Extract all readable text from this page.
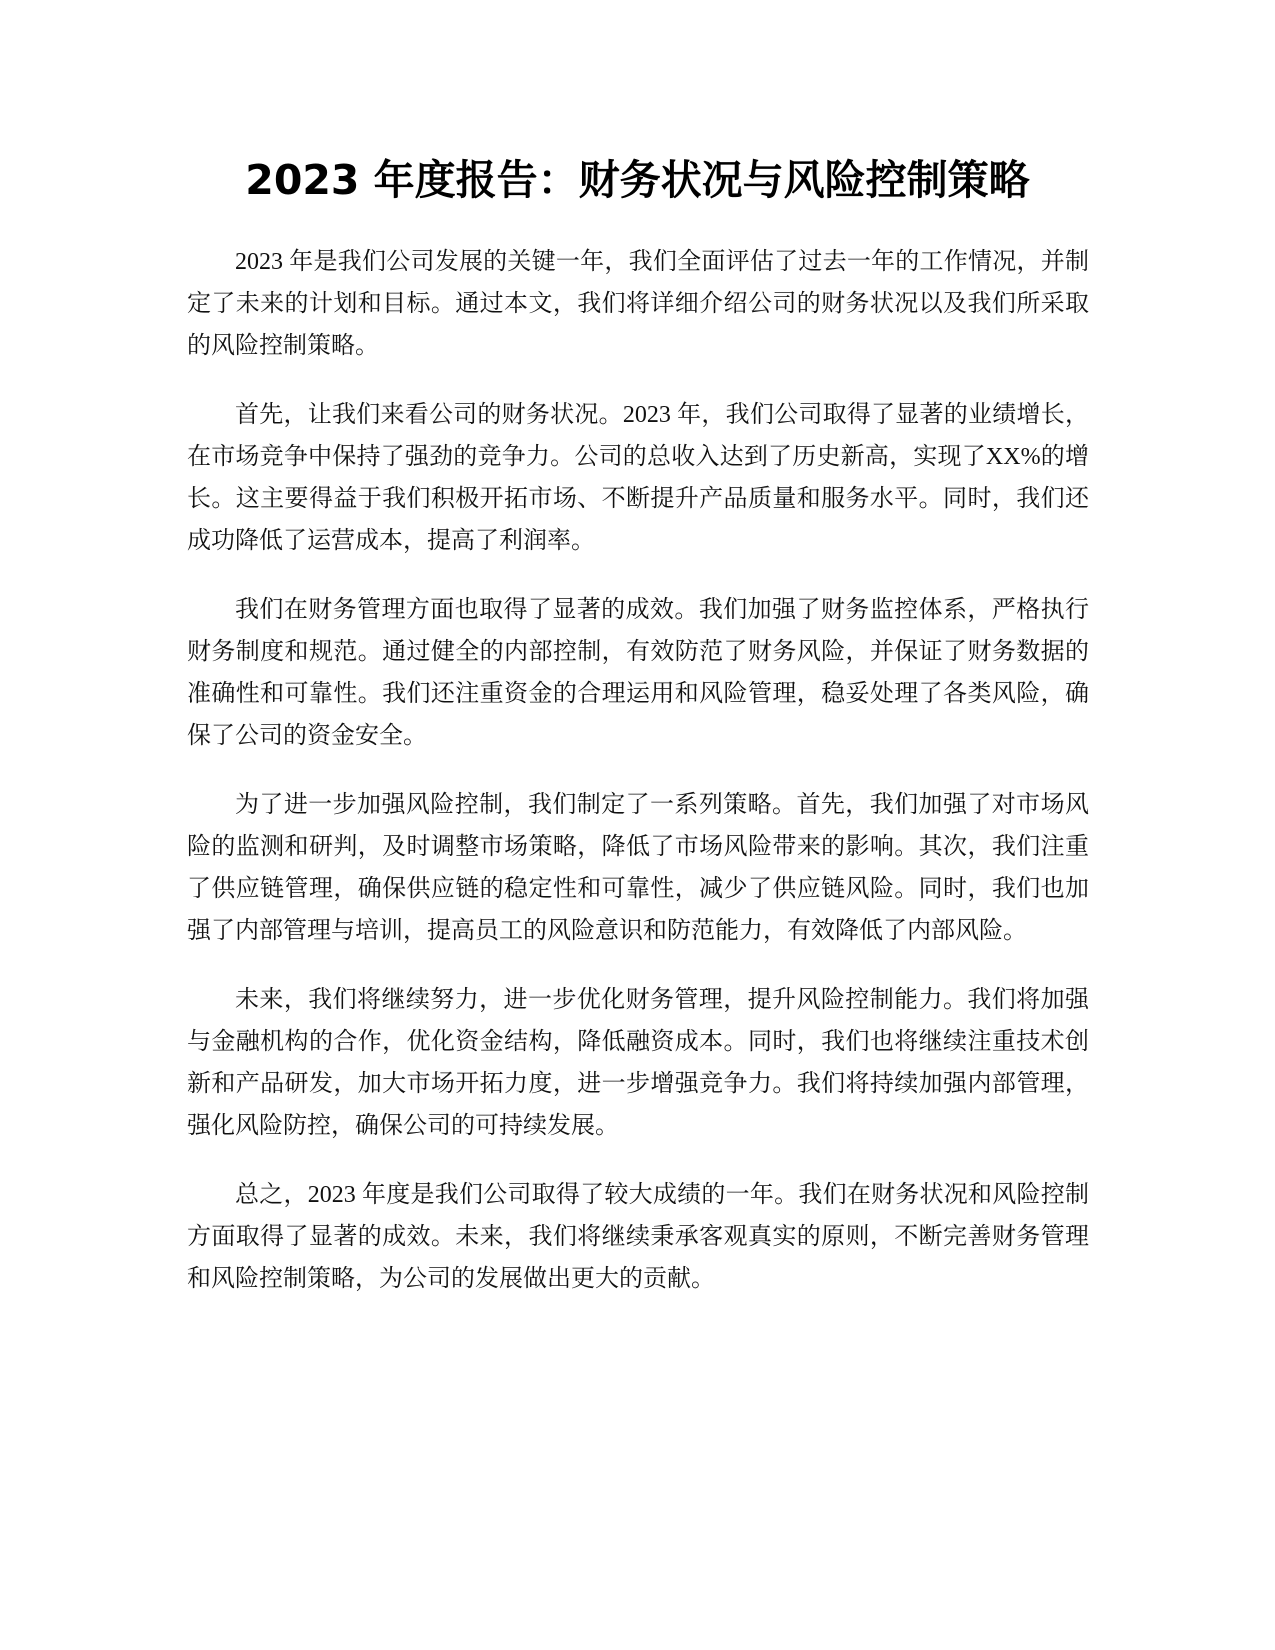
2023 年度报告：财务状况与风险控制策略

2023 年是我们公司发展的关键一年，我们全面评估了过去一年的工作情况，并制定了未来的计划和目标。通过本文，我们将详细介绍公司的财务状况以及我们所采取的风险控制策略。

首先，让我们来看公司的财务状况。2023 年，我们公司取得了显著的业绩增长，在市场竞争中保持了强劲的竞争力。公司的总收入达到了历史新高，实现了XX%的增长。这主要得益于我们积极开拓市场、不断提升产品质量和服务水平。同时，我们还成功降低了运营成本，提高了利润率。

我们在财务管理方面也取得了显著的成效。我们加强了财务监控体系，严格执行财务制度和规范。通过健全的内部控制，有效防范了财务风险，并保证了财务数据的准确性和可靠性。我们还注重资金的合理运用和风险管理，稳妥处理了各类风险，确保了公司的资金安全。

为了进一步加强风险控制，我们制定了一系列策略。首先，我们加强了对市场风险的监测和研判，及时调整市场策略，降低了市场风险带来的影响。其次，我们注重了供应链管理，确保供应链的稳定性和可靠性，减少了供应链风险。同时，我们也加强了内部管理与培训，提高员工的风险意识和防范能力，有效降低了内部风险。

未来，我们将继续努力，进一步优化财务管理，提升风险控制能力。我们将加强与金融机构的合作，优化资金结构，降低融资成本。同时，我们也将继续注重技术创新和产品研发，加大市场开拓力度，进一步增强竞争力。我们将持续加强内部管理，强化风险防控，确保公司的可持续发展。

总之，2023 年度是我们公司取得了较大成绩的一年。我们在财务状况和风险控制方面取得了显著的成效。未来，我们将继续秉承客观真实的原则，不断完善财务管理和风险控制策略，为公司的发展做出更大的贡献。
